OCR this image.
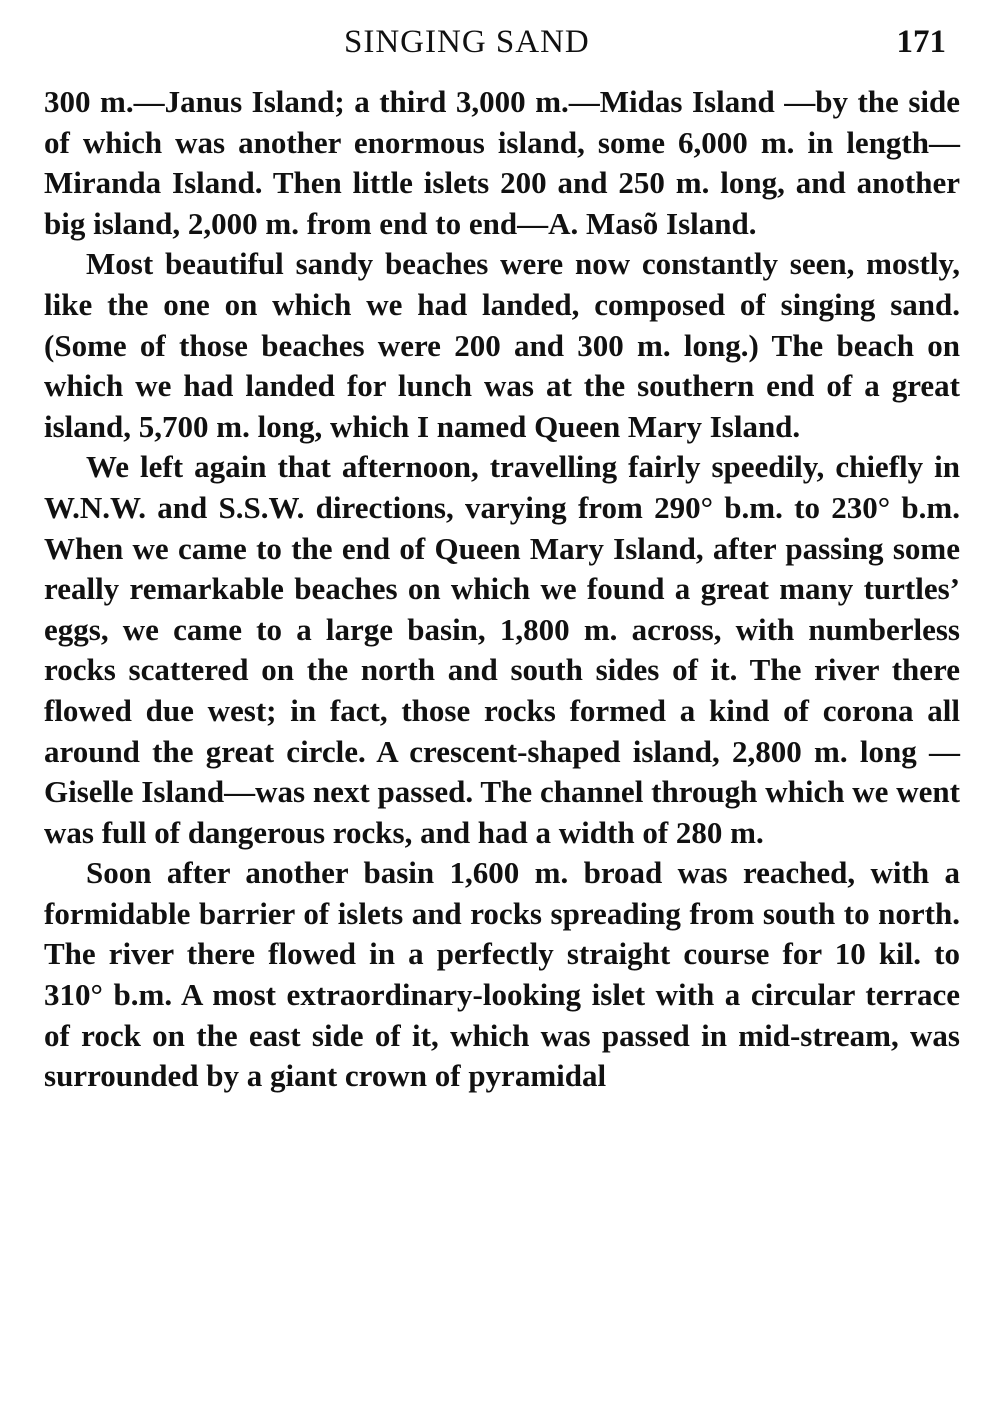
SINGING SAND	171

300 m.—Janus Island; a third 3,000 m.—Midas Island —by the side of which was another enormous island, some 6,000 m. in length—Miranda Island. Then little islets 200 and 250 m. long, and another big island, 2,000 m. from end to end—A. Masõ Island.

Most beautiful sandy beaches were now constantly seen, mostly, like the one on which we had landed, composed of singing sand. (Some of those beaches were 200 and 300 m. long.) The beach on which we had landed for lunch was at the southern end of a great island, 5,700 m. long, which I named Queen Mary Island.

We left again that afternoon, travelling fairly speedily, chiefly in W.N.W. and S.S.W. directions, varying from 290° b.m. to 230° b.m. When we came to the end of Queen Mary Island, after passing some really remarkable beaches on which we found a great many turtles’ eggs, we came to a large basin, 1,800 m. across, with numberless rocks scattered on the north and south sides of it. The river there flowed due west; in fact, those rocks formed a kind of corona all around the great circle. A crescent-shaped island, 2,800 m. long —Giselle Island—was next passed. The channel through which we went was full of dangerous rocks, and had a width of 280 m.

Soon after another basin 1,600 m. broad was reached, with a formidable barrier of islets and rocks spreading from south to north. The river there flowed in a perfectly straight course for 10 kil. to 310° b.m. A most extraordinary-looking islet with a circular terrace of rock on the east side of it, which was passed in mid-stream, was surrounded by a giant crown of pyramidal
